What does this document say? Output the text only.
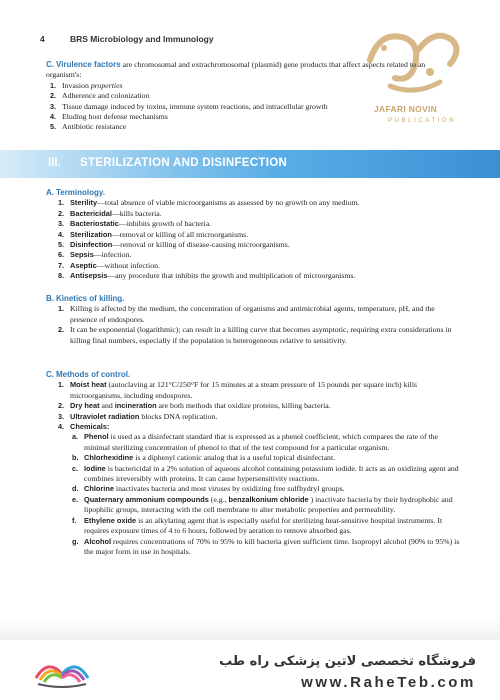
4	BRS Microbiology and Immunology
JAFARI NOVIN
PUBLICATION
C. Virulence factors are chromosomal and extrachromosomal (plasmid) gene products that affect aspects related to an organism's:
1. Invasion properties
2. Adherence and colonization
3. Tissue damage induced by toxins, immune system reactions, and intracellular growth
4. Eluding host defense mechanisms
5. Antibiotic resistance
III. STERILIZATION AND DISINFECTION
A. Terminology.
1. Sterility—total absence of viable microorganisms as assessed by no growth on any medium.
2. Bactericidal—kills bacteria.
3. Bacteriostatic—inhibits growth of bacteria.
4. Sterilization—removal or killing of all microorganisms.
5. Disinfection—removal or killing of disease-causing microorganisms.
6. Sepsis—infection.
7. Aseptic—without infection.
8. Antisepsis—any procedure that inhibits the growth and multiplication of microorganisms.
B. Kinetics of killing.
1. Killing is affected by the medium, the concentration of organisms and antimicrobial agents, temperature, pH, and the presence of endospores.
2. It can be exponential (logarithmic); can result in a killing curve that becomes asymptotic, requiring extra considerations in killing final numbers, especially if the population is heterogeneous relative to sensitivity.
C. Methods of control.
1. Moist heat (autoclaving at 121°C/250°F for 15 minutes at a steam pressure of 15 pounds per square inch) kills microorganisms, including endospores.
2. Dry heat and incineration are both methods that oxidize proteins, killing bacteria.
3. Ultraviolet radiation blocks DNA replication.
4. Chemicals:
a. Phenol is used as a disinfectant standard that is expressed as a phenol coefficient, which compares the rate of the minimal sterilizing concentration of phenol to that of the test compound for a particular organism.
b. Chlorhexidine is a diphenyl cationic analog that is a useful topical disinfectant.
c. Iodine is bactericidal in a 2% solution of aqueous alcohol containing potassium iodide. It acts as an oxidizing agent and combines irreversibly with proteins. It can cause hypersensitivity reactions.
d. Chlorine inactivates bacteria and most viruses by oxidizing free sulfhydryl groups.
e. Quaternary ammonium compounds (e.g., benzalkonium chloride ) inactivate bacteria by their hydrophobic and lipophilic groups, interacting with the cell membrane to alter metabolic properties and permeability.
f. Ethylene oxide is an alkylating agent that is especially useful for sterilizing heat-sensitive hospital instruments. It requires exposure times of 4 to 6 hours, followed by aeration to remove absorbed gas.
g. Alcohol requires concentrations of 70% to 95% to kill bacteria given sufficient time. Isopropyl alcohol (90% to 95%) is the major form in use in hospitals.
فروشگاه تخصصی لاتین پزشکی راه طب
www.RaheTeb.com
